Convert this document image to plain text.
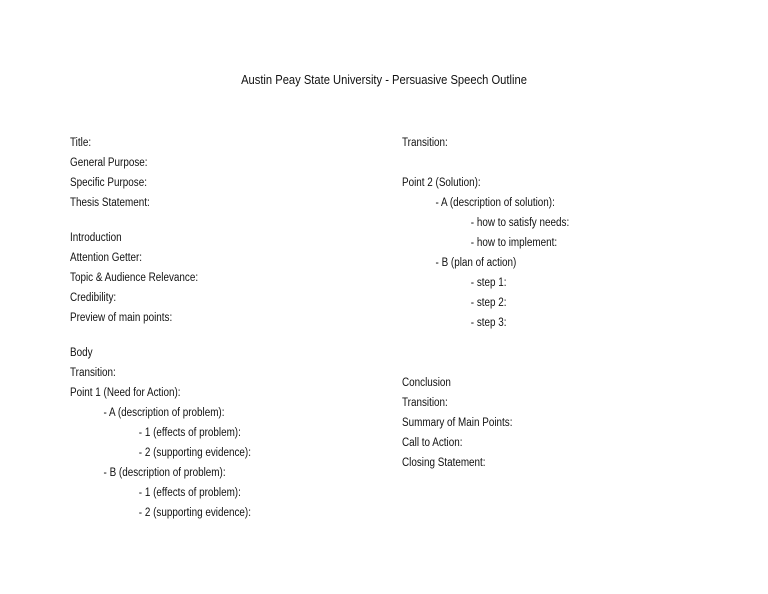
Austin Peay State University - Persuasive Speech Outline
Title:
General Purpose:
Specific Purpose:
Thesis Statement:
Introduction
Attention Getter:
Topic & Audience Relevance:
Credibility:
Preview of main points:
Body
Transition:
Point 1 (Need for Action):
- A (description of problem):
- 1 (effects of problem):
- 2 (supporting evidence):
- B (description of problem):
- 1 (effects of problem):
- 2 (supporting evidence):
Transition:
Point 2 (Solution):
- A (description of solution):
- how to satisfy needs:
- how to implement:
- B (plan of action)
- step 1:
- step 2:
- step 3:
Conclusion
Transition:
Summary of Main Points:
Call to Action:
Closing Statement:
